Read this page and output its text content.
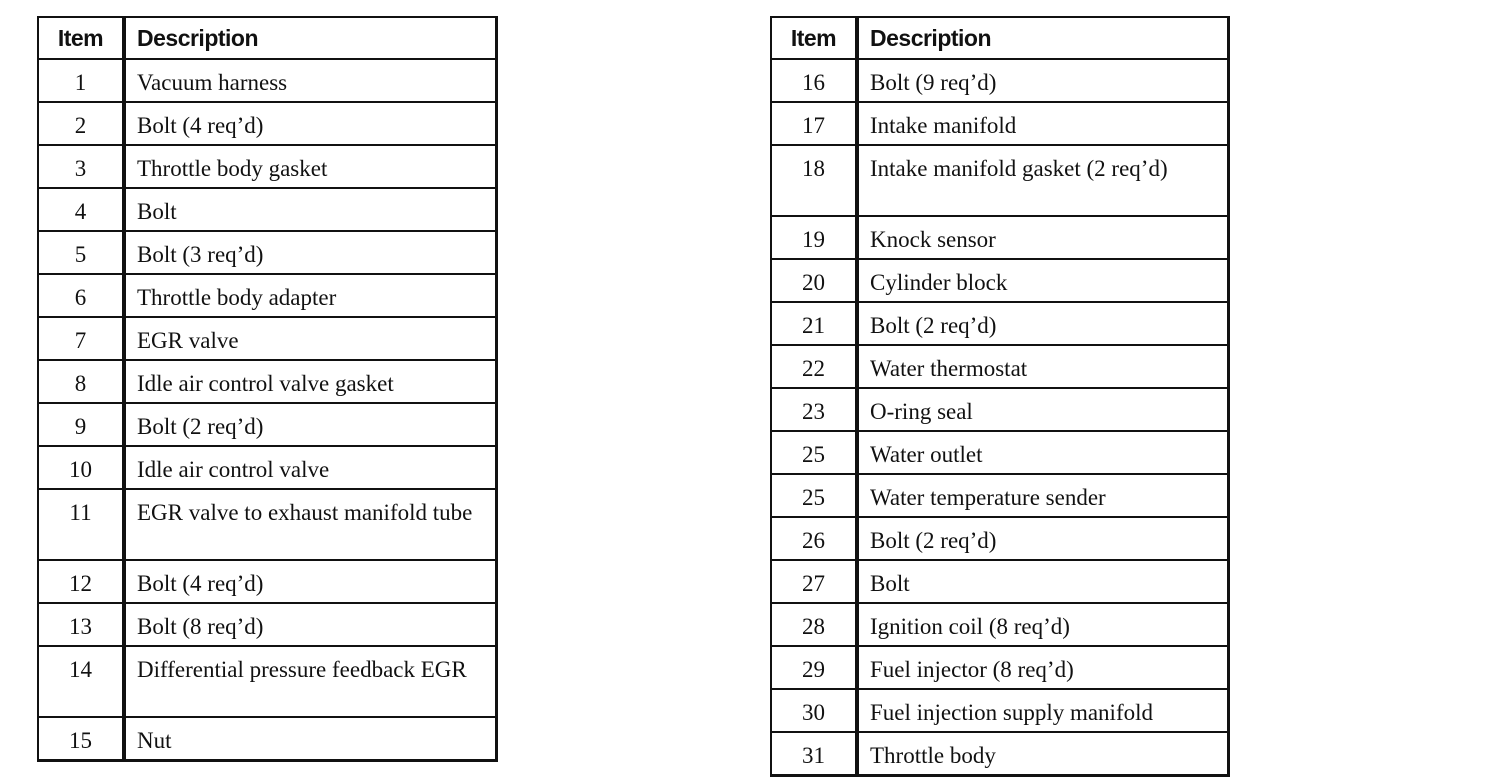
Item	Description
1	Vacuum harness
2	Bolt (4 req’d)
3	Throttle body gasket
4	Bolt
5	Bolt (3 req’d)
6	Throttle body adapter
7	EGR valve
8	Idle air control valve gasket
9	Bolt (2 req’d)
10	Idle air control valve
11	EGR valve to exhaust manifold tube
12	Bolt (4 req’d)
13	Bolt (8 req’d)
14	Differential pressure feedback EGR
15	Nut
Item	Description
16	Bolt (9 req’d)
17	Intake manifold
18	Intake manifold gasket (2 req’d)
19	Knock sensor
20	Cylinder block
21	Bolt (2 req’d)
22	Water thermostat
23	O-ring seal
25	Water outlet
25	Water temperature sender
26	Bolt (2 req’d)
27	Bolt
28	Ignition coil (8 req’d)
29	Fuel injector (8 req’d)
30	Fuel injection supply manifold
31	Throttle body
